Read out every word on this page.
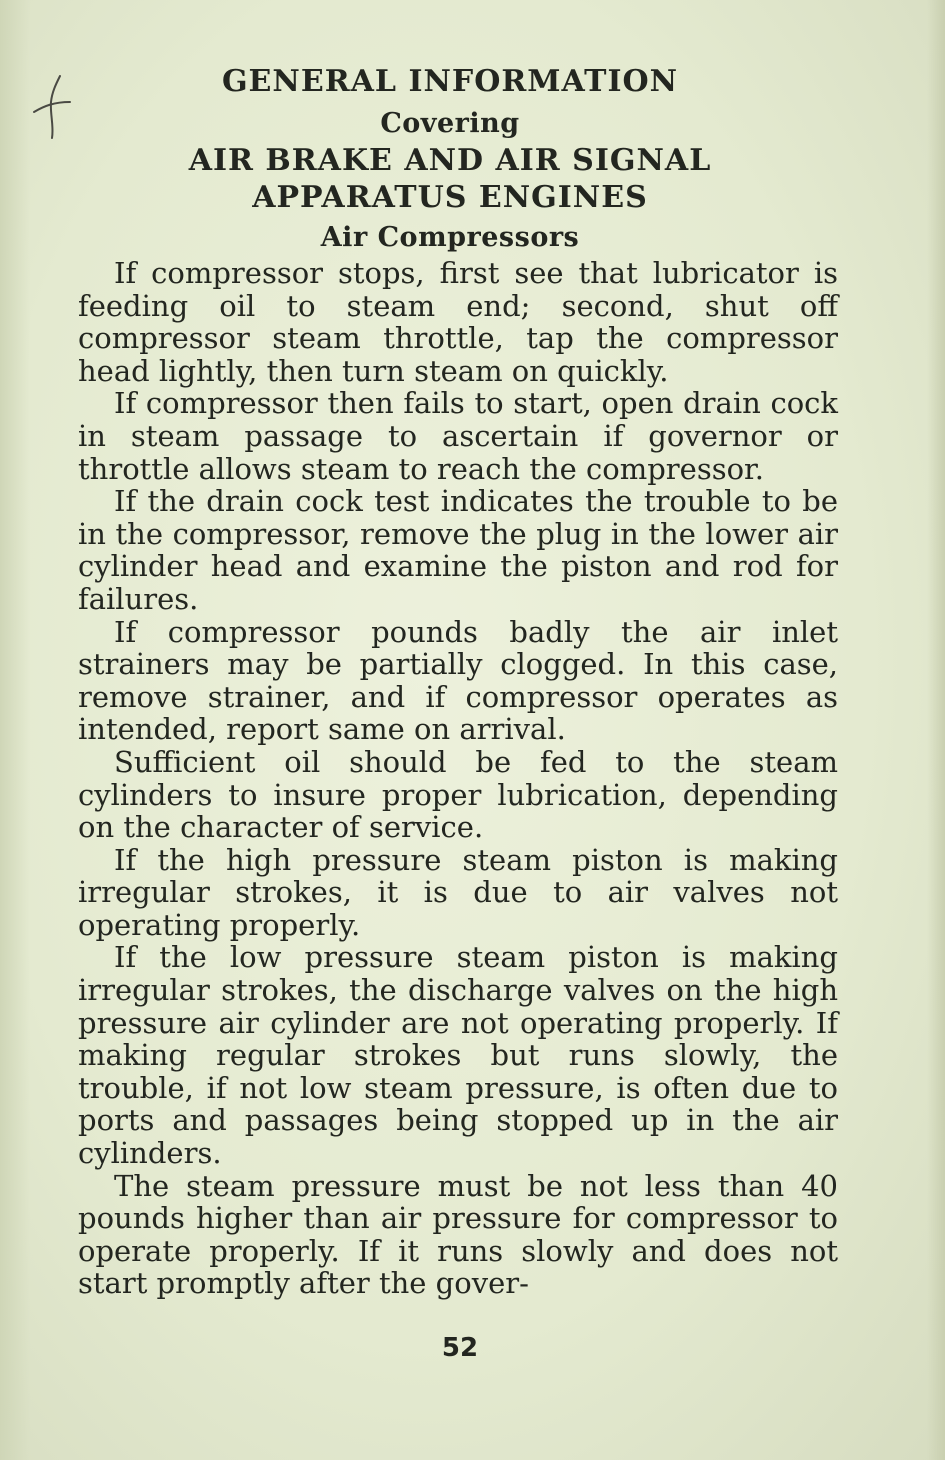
GENERAL INFORMATION
Covering
AIR BRAKE AND AIR SIGNAL
APPARATUS ENGINES
Air Compressors

If compressor stops, first see that lubricator is feeding oil to steam end; second, shut off compressor steam throttle, tap the compressor head lightly, then turn steam on quickly.

If compressor then fails to start, open drain cock in steam passage to ascertain if governor or throttle allows steam to reach the compressor.

If the drain cock test indicates the trouble to be in the compressor, remove the plug in the lower air cylinder head and examine the piston and rod for failures.

If compressor pounds badly the air inlet strainers may be partially clogged. In this case, remove strainer, and if compressor operates as intended, report same on arrival.

Sufficient oil should be fed to the steam cylinders to insure proper lubrication, depending on the character of service.

If the high pressure steam piston is making irregular strokes, it is due to air valves not operating properly.

If the low pressure steam piston is making irregular strokes, the discharge valves on the high pressure air cylinder are not operating properly. If making regular strokes but runs slowly, the trouble, if not low steam pressure, is often due to ports and passages being stopped up in the air cylinders.

The steam pressure must be not less than 40 pounds higher than air pressure for compressor to operate properly. If it runs slowly and does not start promptly after the gover-

52
